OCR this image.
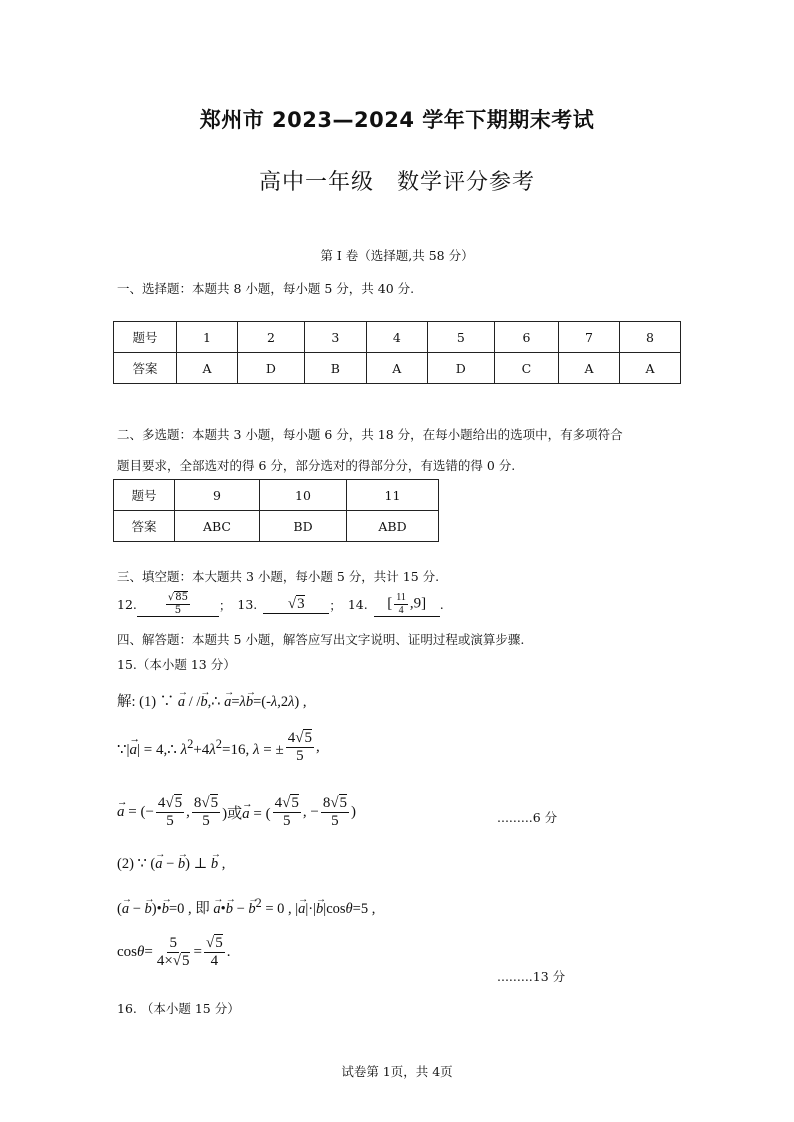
郑州市 2023—2024 学年下期期末考试
高中一年级　数学评分参考
第 I 卷（选择题,共 58 分）
一、选择题：本题共 8 小题，每小题 5 分，共 40 分.
题号	1	2	3	4	5	6	7	8
答案	A	D	B	A	D	C	A	A
二、多选题：本题共 3 小题，每小题 6 分，共 18 分，在每小题给出的选项中，有多项符合
题目要求，全部选对的得 6 分，部分选对的得部分分，有选错的得 0 分.
题号	9	10	11
答案	ABC	BD	ABD
三、填空题：本大题共 3 小题，每小题 5 分，共计 15 分.
12.	$\frac{√85}{5}$ ； 13.	√3	； 14.	[ $\frac{11}{4} ,9$]	.
四、解答题：本题共 5 小题，解答应写出文字说明、证明过程或演算步骤.
15.（本小题 13 分）
解: (1) ∵ → a / /→ b,∴ → a=λ→ b=(-λ,2λ) ,
∵|→ a| = 4,∴ $\lambda^2+4\lambda^2=16$, λ = ± $\frac{4√5}{5}$ ,
→ a = (− $\frac{4√5}{5}$ , $\frac{8√5}{5}$ )或→ a = ( $\frac{4√5}{5}$ , − $\frac{8√5}{5}$ )	.........6 分
(2) ∵ (→ a − → b) ⊥ → b ,
(→ a − → b)•→ b=0 , 即 → a•→ b − → $b^2 = 0$ , |→ a|·|→ b|cosθ=5 ,
$\cos\theta= \frac{5}{4\times√5} = \frac{√5}{4}$ .
.........13 分
16. （本小题 15 分）
试卷第 1页，共 4页
